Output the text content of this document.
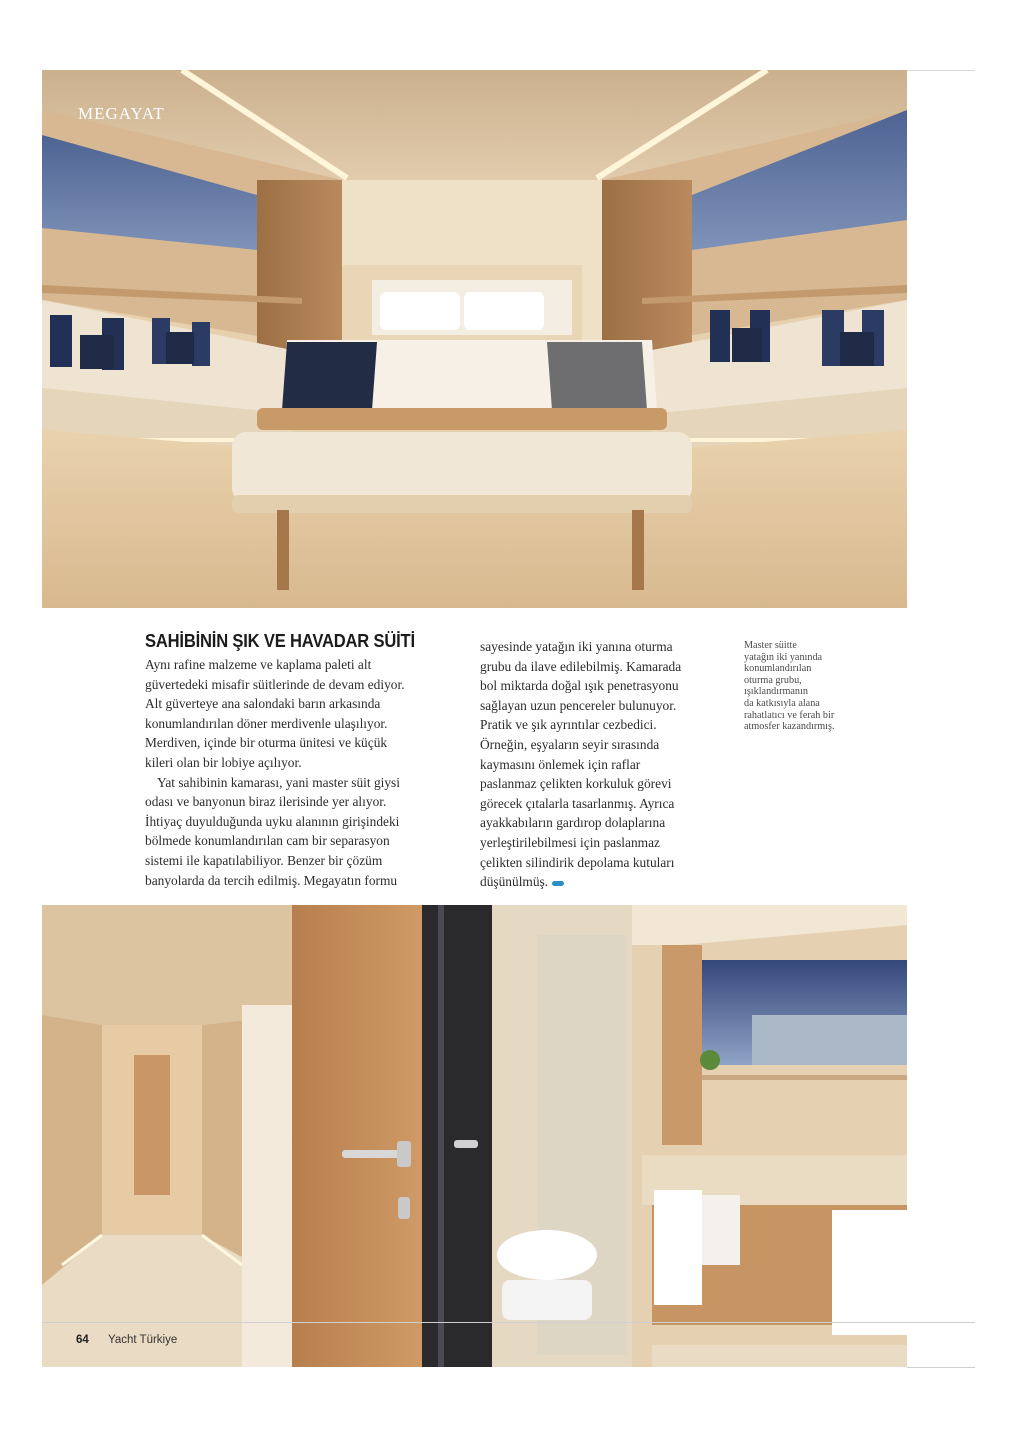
MEGAYAT
SAHİBİNİN ŞIK VE HAVADAR SÜİTİ

Aynı rafine malzeme ve kaplama paleti alt

güvertedeki misafir süitlerinde de devam ediyor.

Alt güverteye ana salondaki barın arkasında

konumlandırılan döner merdivenle ulaşılıyor.

Merdiven, içinde bir oturma ünitesi ve küçük

kileri olan bir lobiye açılıyor.

Yat sahibinin kamarası, yani master süit giysi

odası ve banyonun biraz ilerisinde yer alıyor.

İhtiyaç duyulduğunda uyku alanının girişindeki

bölmede konumlandırılan cam bir separasyon

sistemi ile kapatılabiliyor. Benzer bir çözüm

banyolarda da tercih edilmiş. Megayatın formu

sayesinde yatağın iki yanına oturma

grubu da ilave edilebilmiş. Kamarada

bol miktarda doğal ışık penetrasyonu

sağlayan uzun pencereler bulunuyor.

Pratik ve şık ayrıntılar cezbedici.

Örneğin, eşyaların seyir sırasında

kaymasını önlemek için raflar

paslanmaz çelikten korkuluk görevi

görecek çıtalarla tasarlanmış. Ayrıca

ayakkabıların gardırop dolaplarına

yerleştirilebilmesi için paslanmaz

çelikten silindirik depolama kutuları

düşünülmüş.

Master süitte

yatağın iki yanında

konumlandırılan

oturma grubu,

ışıklandırmanın

da katkısıyla alana

rahatlatıcı ve ferah bir

atmosfer kazandırmış.

64 Yacht Türkiye
